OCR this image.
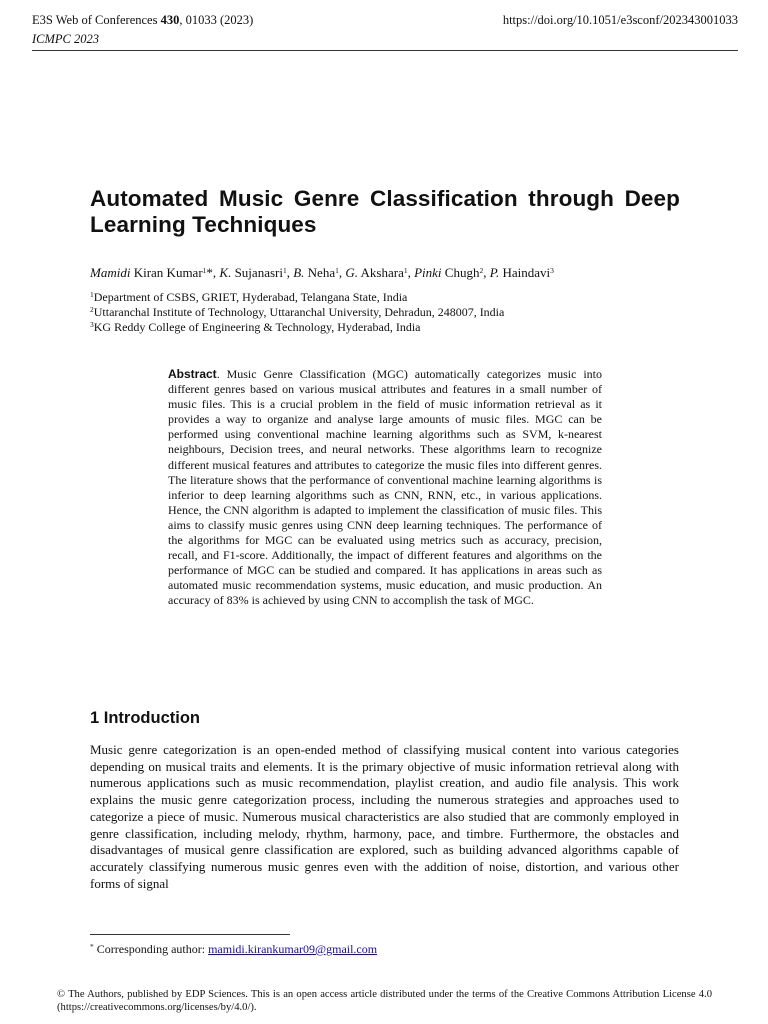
E3S Web of Conferences 430, 01033 (2023)
ICMPC 2023
https://doi.org/10.1051/e3sconf/202343001033
Automated Music Genre Classification through Deep Learning Techniques
Mamidi Kiran Kumar$^1$*, K. Sujanasri$^1$, B. Neha$^1$, G. Akshara$^1$, Pinki Chugh$^2$, P. Haindavi$^3$
$^1$Department of CSBS, GRIET, Hyderabad, Telangana State, India
$^2$Uttaranchal Institute of Technology, Uttaranchal University, Dehradun, 248007, India
$^3$KG Reddy College of Engineering & Technology, Hyderabad, India
Abstract. Music Genre Classification (MGC) automatically categorizes music into different genres based on various musical attributes and features in a small number of music files. This is a crucial problem in the field of music information retrieval as it provides a way to organize and analyse large amounts of music files. MGC can be performed using conventional machine learning algorithms such as SVM, k-nearest neighbours, Decision trees, and neural networks. These algorithms learn to recognize different musical features and attributes to categorize the music files into different genres. The literature shows that the performance of conventional machine learning algorithms is inferior to deep learning algorithms such as CNN, RNN, etc., in various applications. Hence, the CNN algorithm is adapted to implement the classification of music files. This aims to classify music genres using CNN deep learning techniques. The performance of the algorithms for MGC can be evaluated using metrics such as accuracy, precision, recall, and F1-score. Additionally, the impact of different features and algorithms on the performance of MGC can be studied and compared. It has applications in areas such as automated music recommendation systems, music education, and music production. An accuracy of 83% is achieved by using CNN to accomplish the task of MGC.
1 Introduction
Music genre categorization is an open-ended method of classifying musical content into various categories depending on musical traits and elements. It is the primary objective of music information retrieval along with numerous applications such as music recommendation, playlist creation, and audio file analysis. This work explains the music genre categorization process, including the numerous strategies and approaches used to categorize a piece of music. Numerous musical characteristics are also studied that are commonly employed in genre classification, including melody, rhythm, harmony, pace, and timbre. Furthermore, the obstacles and disadvantages of musical genre classification are explored, such as building advanced algorithms capable of accurately classifying numerous music genres even with the addition of noise, distortion, and various other forms of signal
* Corresponding author: mamidi.kirankumar09@gmail.com
© The Authors, published by EDP Sciences. This is an open access article distributed under the terms of the Creative Commons Attribution License 4.0 (https://creativecommons.org/licenses/by/4.0/).
